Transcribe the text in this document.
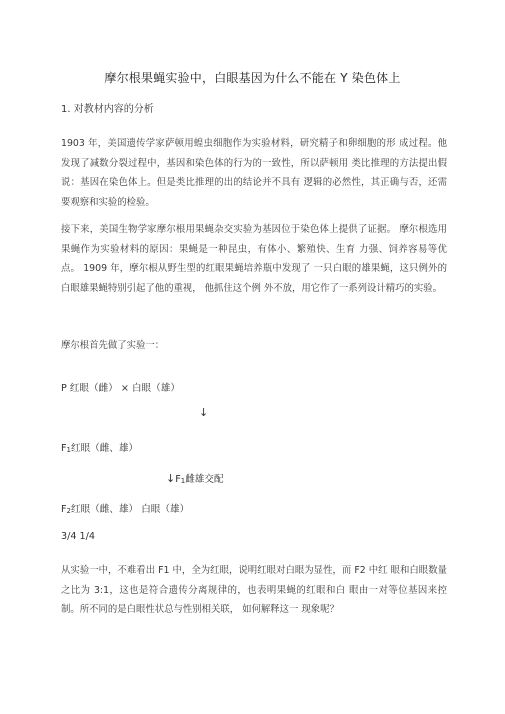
摩尔根果蝇实验中，白眼基因为什么不能在 Y 染色体上
1. 对教材内容的分析
1903 年，美国遗传学家萨顿用蝗虫细胞作为实验材料，研究精子和卵细胞的形 成过程。他发现了减数分裂过程中，基因和染色体的行为的一致性，所以萨顿用 类比推理的方法提出假说：基因在染色体上。但是类比推理的出的结论并不具有 逻辑的必然性，其正确与否，还需要观察和实验的检验。
接下来，美国生物学家摩尔根用果蝇杂交实验为基因位于染色体上提供了证据。 摩尔根选用果蝇作为实验材料的原因：果蝇是一种昆虫，有体小、繁殖快、生育 力强、饲养容易等优点。 1909 年，摩尔根从野生型的红眼果蝇培养瓶中发现了 一只白眼的雄果蝇，这只例外的白眼雄果蝇特别引起了他的重视， 他抓住这个例 外不放，用它作了一系列设计精巧的实验。
摩尔根首先做了实验一：
P 红眼（雌） × 白眼（雄）
↓
$F_1$红眼（雌、雄）
$↓F_1$雌雄交配
$F_2$红眼（雌、雄） 白眼（雄）
3/4 1/4
从实验一中，不难看出 F1 中，全为红眼，说明红眼对白眼为显性，而 F2 中红 眼和白眼数量之比为 3:1，这也是符合遗传分离规律的，也表明果蝇的红眼和白 眼由一对等位基因来控制。所不同的是白眼性状总与性别相关联， 如何解释这一 现象呢？
